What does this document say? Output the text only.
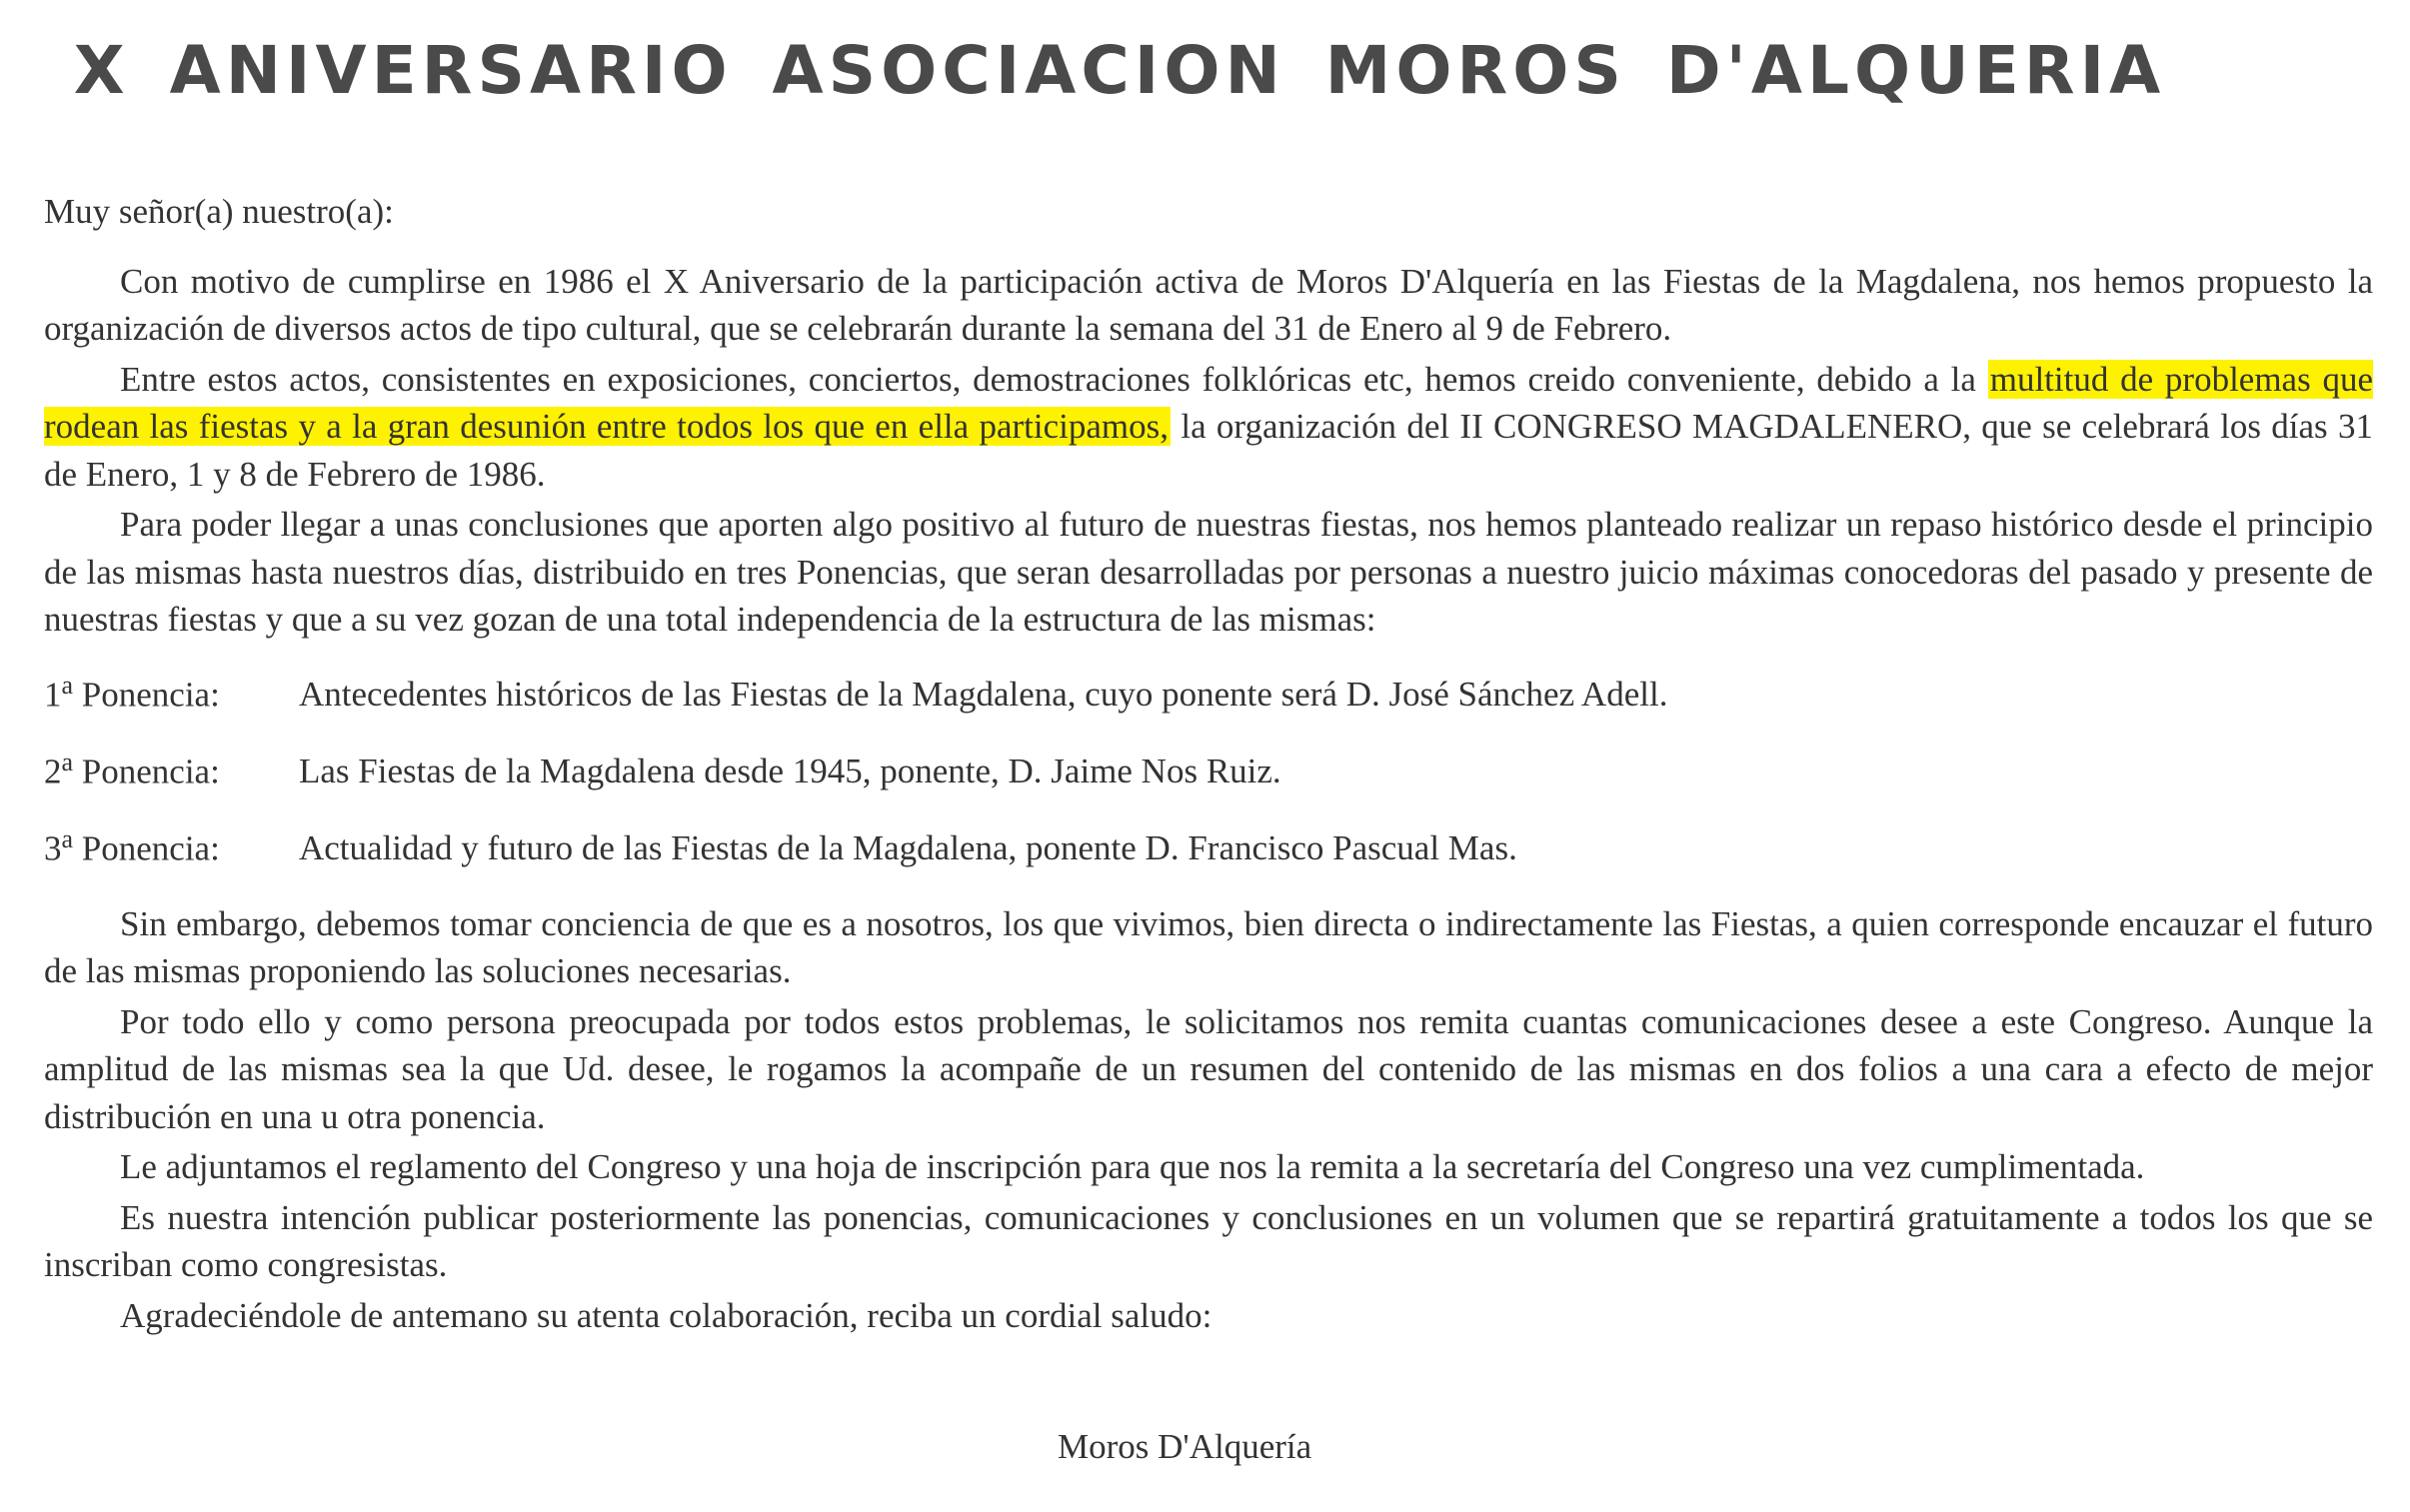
X ANIVERSARIO ASOCIACION MOROS D'ALQUERIA

Muy señor(a) nuestro(a):

Con motivo de cumplirse en 1986 el X Aniversario de la participación activa de Moros D'Alquería en las Fiestas de la Magdalena, nos hemos propuesto la organización de diversos actos de tipo cultural, que se celebrarán durante la semana del 31 de Enero al 9 de Febrero.

Entre estos actos, consistentes en exposiciones, conciertos, demostraciones folklóricas etc, hemos creido conveniente, debido a la multitud de problemas que rodean las fiestas y a la gran desunión entre todos los que en ella participamos, la organización del II CONGRESO MAGDALENERO, que se celebrará los días 31 de Enero, 1 y 8 de Febrero de 1986.

Para poder llegar a unas conclusiones que aporten algo positivo al futuro de nuestras fiestas, nos hemos planteado realizar un repaso histórico desde el principio de las mismas hasta nuestros días, distribuido en tres Ponencias, que seran desarrolladas por personas a nuestro juicio máximas conocedoras del pasado y presente de nuestras fiestas y que a su vez gozan de una total independencia de la estructura de las mismas:

1$^a$ Ponencia:	Antecedentes históricos de las Fiestas de la Magdalena, cuyo ponente será D. José Sánchez Adell.
2$^a$ Ponencia:	Las Fiestas de la Magdalena desde 1945, ponente, D. Jaime Nos Ruiz.
3$^a$ Ponencia:	Actualidad y futuro de las Fiestas de la Magdalena, ponente D. Francisco Pascual Mas.

Sin embargo, debemos tomar conciencia de que es a nosotros, los que vivimos, bien directa o indirectamente las Fiestas, a quien corresponde encauzar el futuro de las mismas proponiendo las soluciones necesarias.

Por todo ello y como persona preocupada por todos estos problemas, le solicitamos nos remita cuantas comunicaciones desee a este Congreso. Aunque la amplitud de las mismas sea la que Ud. desee, le rogamos la acompañe de un resumen del contenido de las mismas en dos folios a una cara a efecto de mejor distribución en una u otra ponencia.

Le adjuntamos el reglamento del Congreso y una hoja de inscripción para que nos la remita a la secretaría del Congreso una vez cumplimentada.

Es nuestra intención publicar posteriormente las ponencias, comunicaciones y conclusiones en un volumen que se repartirá gratuitamente a todos los que se inscriban como congresistas.

Agradeciéndole de antemano su atenta colaboración, reciba un cordial saludo:

Moros D'Alquería
